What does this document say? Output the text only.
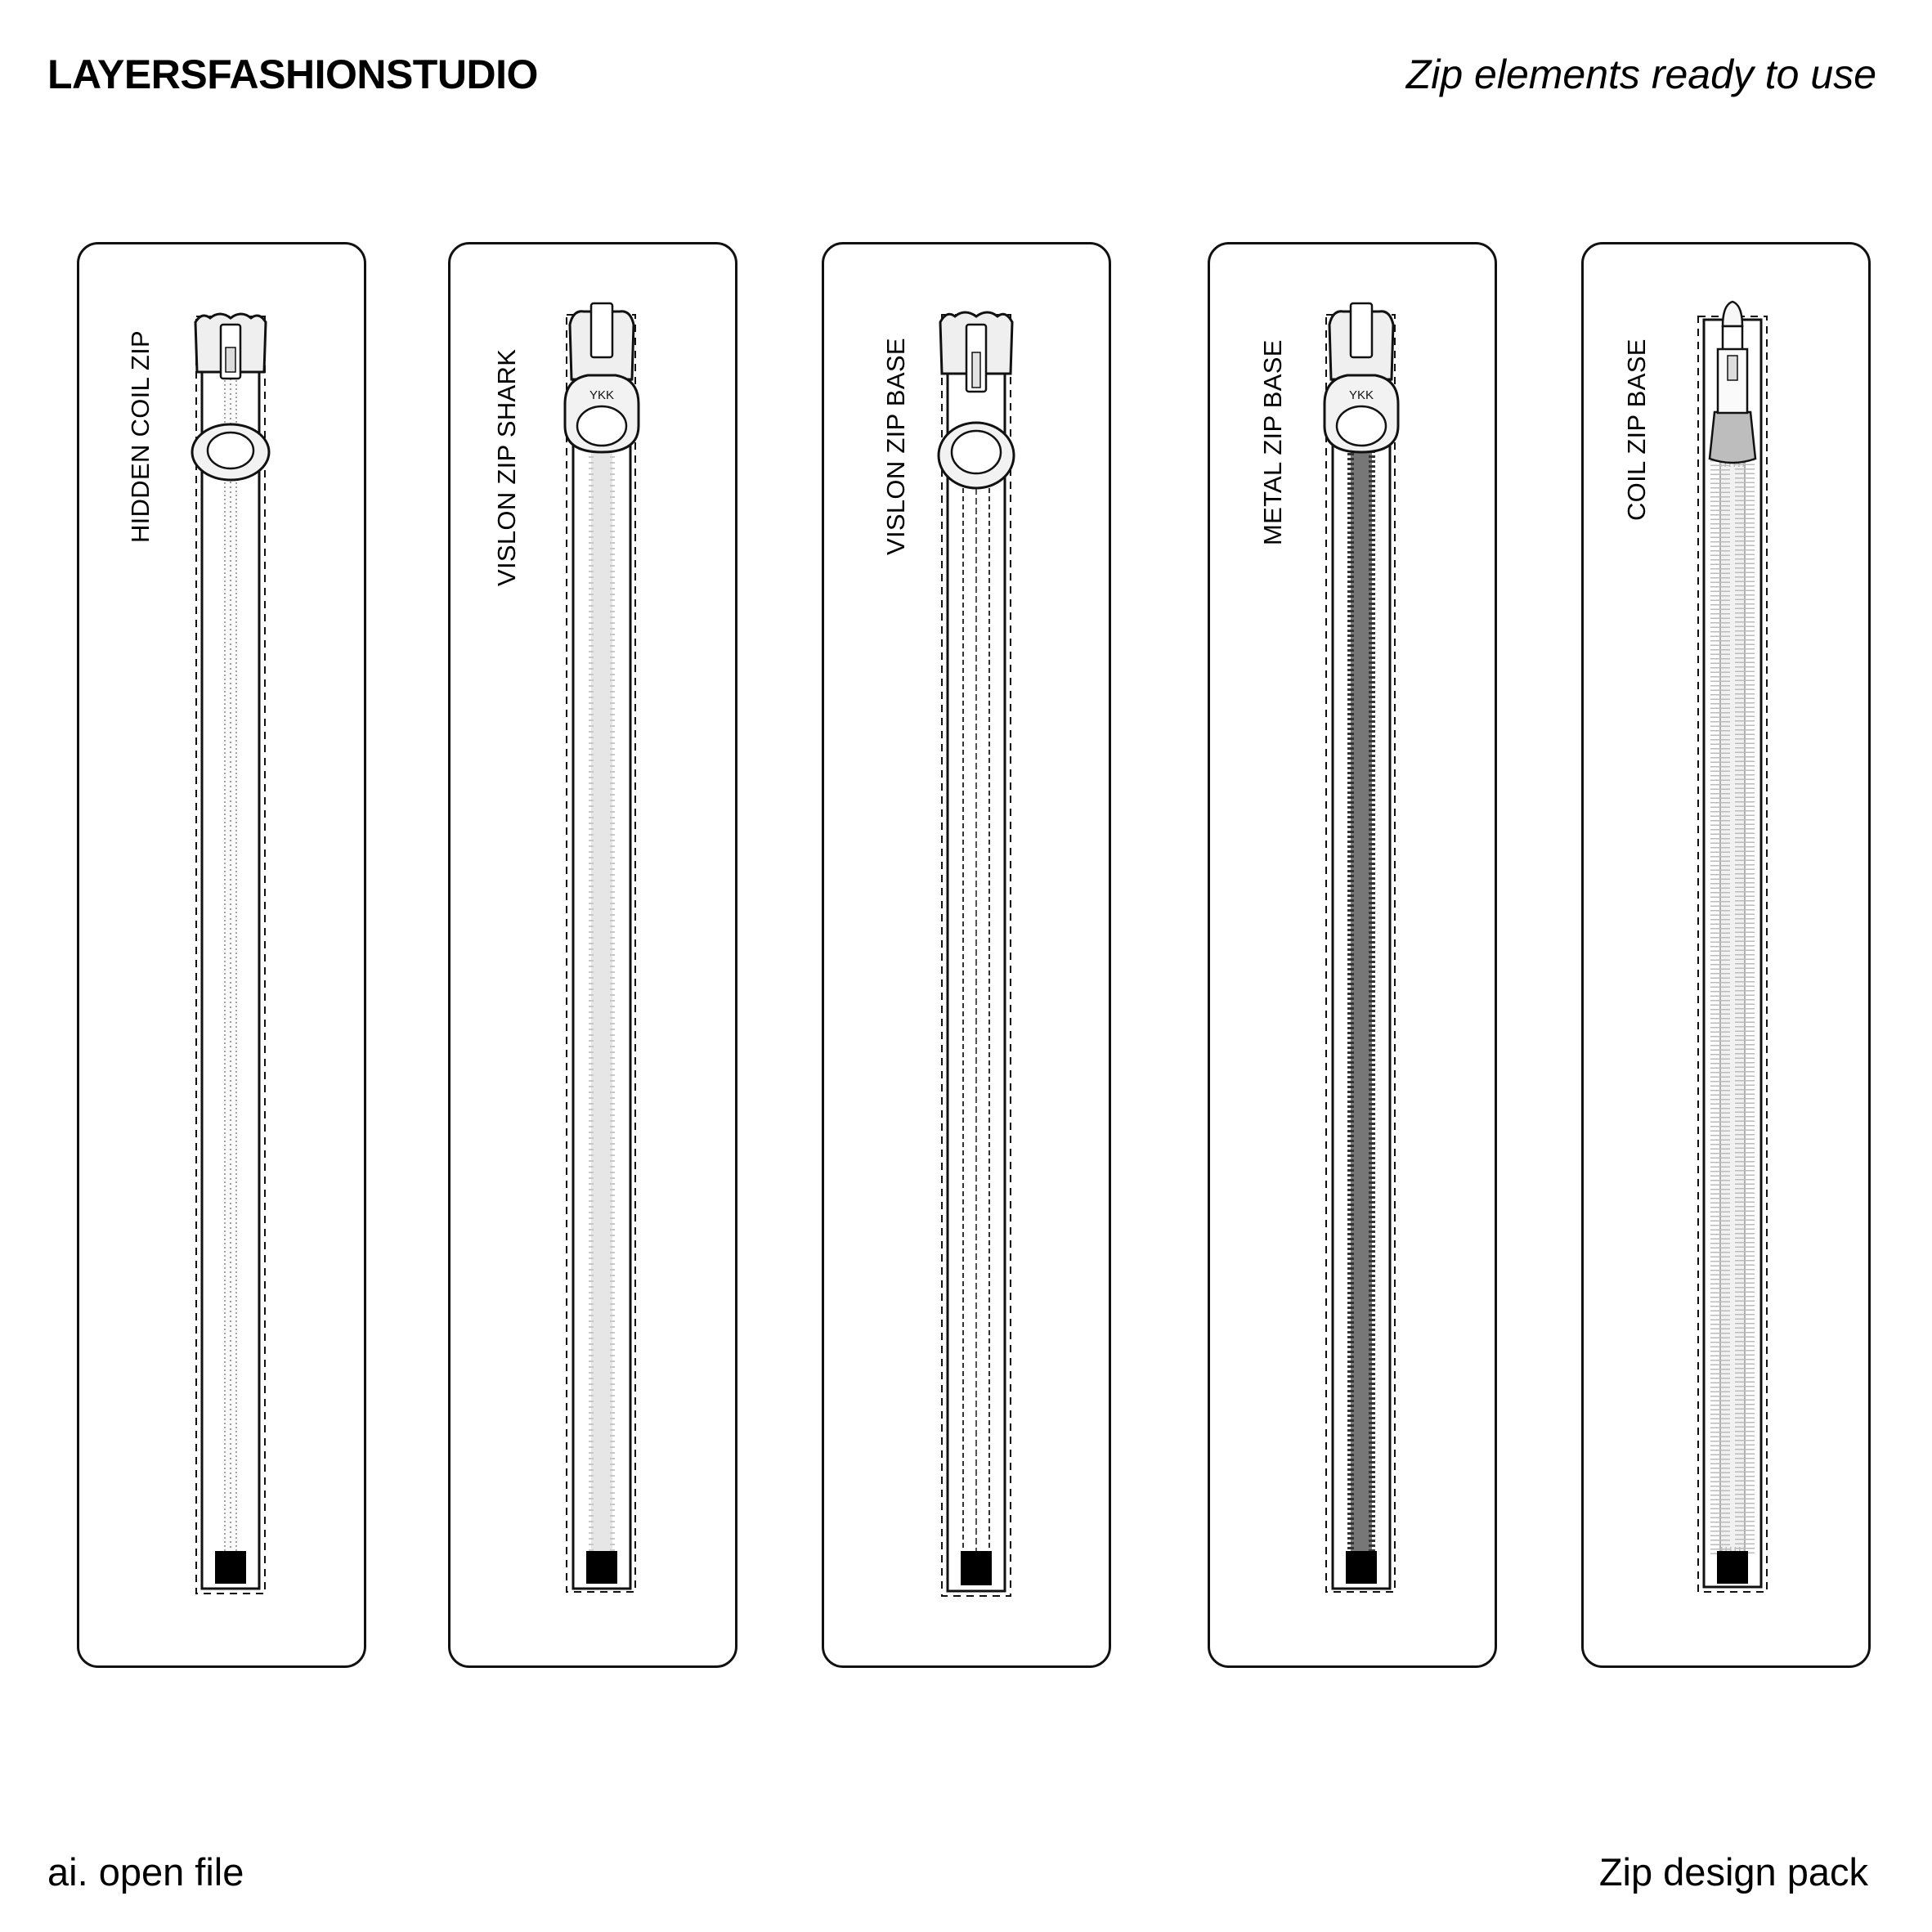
LAYERSFASHIONSTUDIO	Zip elements ready to use
HIDDEN COIL ZIP	YKK
VISLON ZIP SHARK	VISLON ZIP BASE	YKK
METAL ZIP BASE	COIL ZIP BASE
ai. open file	Zip design pack
